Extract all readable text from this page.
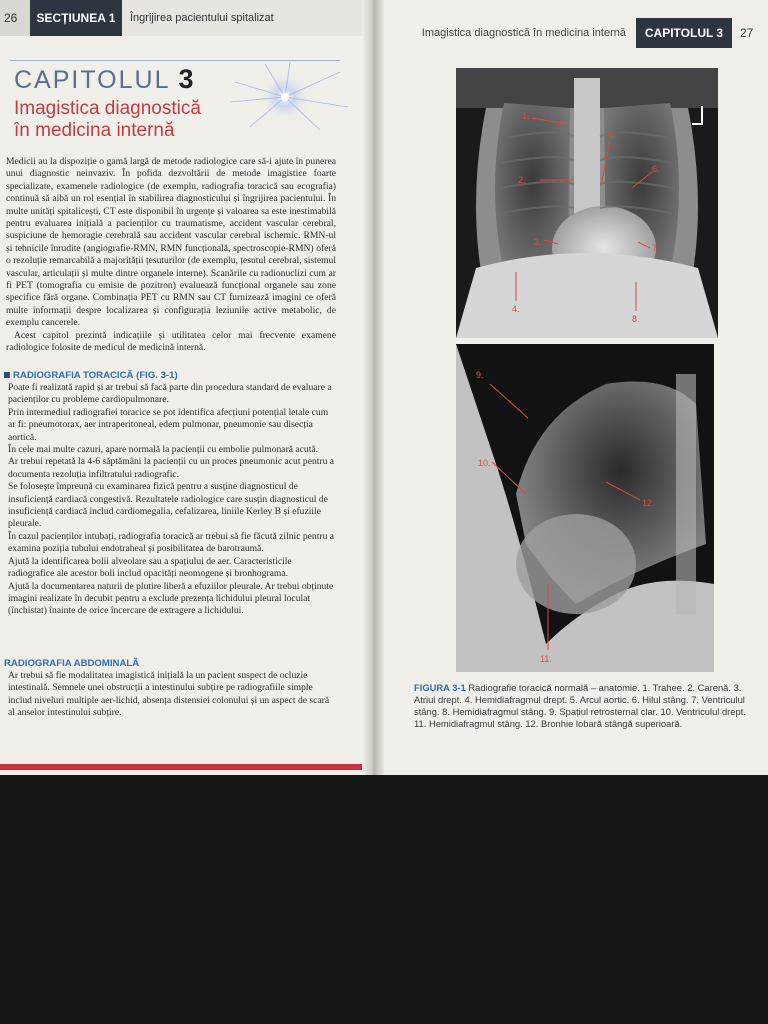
26	SECȚIUNEA 1	Îngrijirea pacientului spitalizat
CAPITOLUL 3
Imagistica diagnostică
în medicina internă

Medicii au la dispoziție o gamă largă de metode radiologice care să-i ajute în punerea unui diagnostic neinvaziv. În pofida dezvoltării de metode imagistice foarte specializate, examenele radiologice (de exemplu, radiografia toracică sau ecografia) continuă să aibă un rol esențial în stabilirea diagnosticului și îngrijirea pacientului. În multe unități spitalicești, CT este disponibil în urgențe și valoarea sa este inestimabilă pentru evaluarea inițială a pacienților cu traumatisme, accident vascular cerebral, suspiciune de hemoragie cerebrală sau accident vascular cerebral ischemic. RMN-ul și tehnicile înrudite (angiografie-RMN, RMN funcțională, spectroscopie-RMN) oferă o rezoluție remarcabilă a majorității țesuturilor (de exemplu, țesutul cerebral, sistemul vascular, articulații și multe dintre organele interne). Scanările cu radionuclizi cum ar fi PET (tomografia cu emisie de pozitron) evaluează funcțional organele sau zone specifice fără organe. Combinația PET cu RMN sau CT furnizează imagini ce oferă multe informații despre localizarea și configurația leziunile active metabolic, de exemplu cancerele.

Acest capitol prezintă indicațiile și utilitatea celor mai frecvente examene radiologice folosite de medicul de medicină internă.

RADIOGRAFIA TORACICĂ (FIG. 3-1)

Poate fi realizată rapid și ar trebui să facă parte din procedura standard de evaluare a pacienților cu probleme cardiopulmonare.

Prin intermediul radiografiei toracice se pot identifica afecțiuni potențial letale cum ar fi: pneumotorax, aer intraperitoneal, edem pulmonar, pneumonie sau disecția aortică.

În cele mai multe cazuri, apare normală la pacienții cu embolie pulmonară acută.

Ar trebui repetată la 4-6 săptămâni la pacienții cu un proces pneumonic acut pentru a documenta rezoluția infiltratului radiografic.

Se folosește împreună cu examinarea fizică pentru a susține diagnosticul de insuficiență cardiacă congestivă. Rezultatele radiologice care susțin diagnosticul de insuficiență cardiacă includ cardiomegalia, cefalizarea, liniile Kerley B și efuziile pleurale.

În cazul pacienților intubați, radiografia toracică ar trebui să fie făcută zilnic pentru a examina poziția tubului endotraheal și posibilitatea de barotraumă.

Ajută la identificarea bolii alveolare sau a spațiului de aer. Caracteristicile radiografice ale acestor boli includ opacități neomogene și bronhograma.

Ajută la documentarea naturii de plutire liberă a efuziilor pleurale. Ar trebui obținute imagini realizate în decubit pentru a exclude prezența lichidului pleural loculat (închistat) înainte de orice încercare de extragere a lichidului.

RADIOGRAFIA ABDOMINALĂ

Ar trebui să fie modalitatea imagistică inițială la un pacient suspect de ocluzie intestinală. Semnele unei obstrucții a intestinului subțire pe radiografiile simple includ niveluri multiple aer-lichid, absența distensiei colonului și un aspect de scară al anselor intestinului subțire.

Imagistica diagnostică în medicina internă	CAPITOLUL 3	27
1.
2.
3.
4.
5.
6.
7.
8.
9.
10.
11.
12.
FIGURA 3-1 Radiografie toracică normală – anatomie. 1. Trahee. 2. Carenă. 3. Atriul drept. 4. Hemidiafragmul drept. 5. Arcul aortic. 6. Hilul stâng. 7. Ventriculul stâng. 8. Hemidiafragmul stâng. 9. Spațiul retrosternal clar. 10. Ventriculul drept. 11. Hemidiafragmul stâng. 12. Bronhie lobară stângă superioară.
